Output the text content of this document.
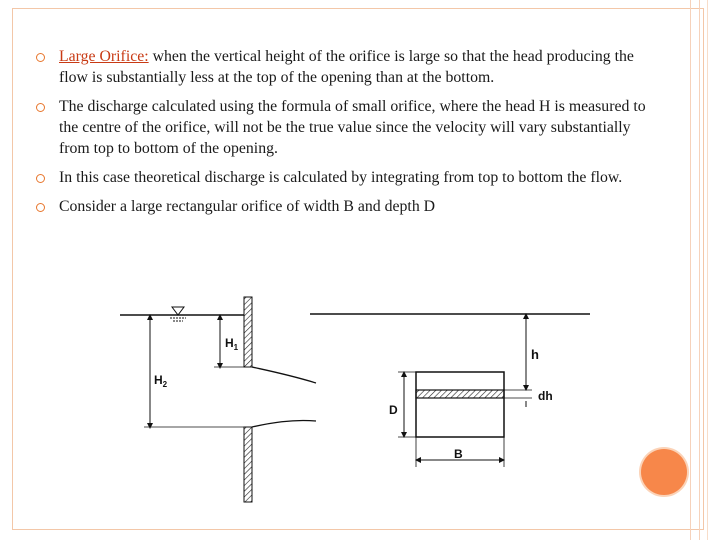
Large Orifice: when the vertical height of the orifice is large so that the head producing the flow is substantially less at the top of the opening than at the bottom.
The discharge calculated using the formula of small orifice, where the head H is measured to the centre of the orifice, will not be the true value since the velocity will vary substantially from top to bottom of the opening.
In this case theoretical discharge is calculated by integrating from top to bottom the flow.
Consider a large rectangular orifice of width B and depth D
$H_1$
$H_2$
h
dh
D
B
